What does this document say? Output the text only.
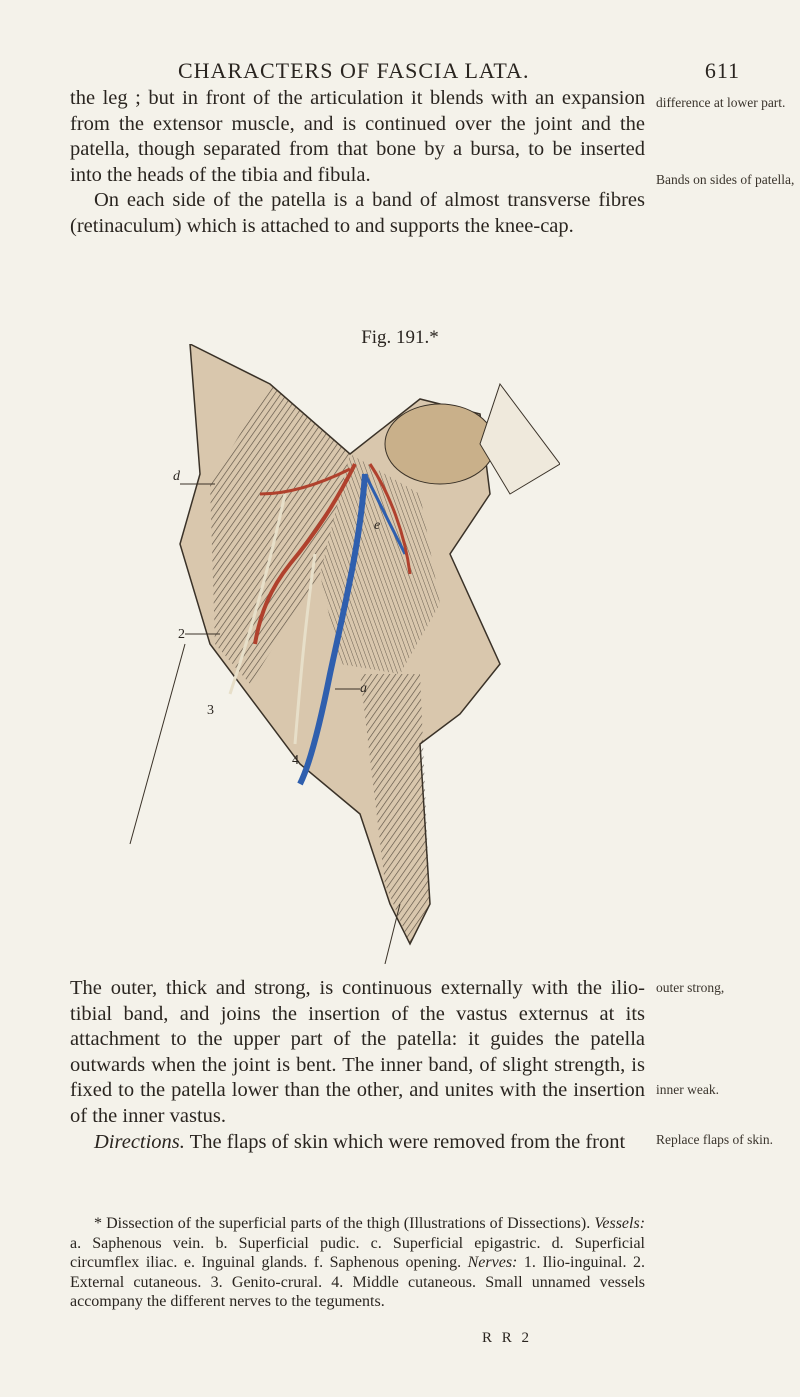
CHARACTERS OF FASCIA LATA.	611

the leg ; but in front of the articulation it blends with an expansion from the extensor muscle, and is continued over the joint and the patella, though separated from that bone by a bursa, to be inserted into the heads of the tibia and fibula.

On each side of the patella is a band of almost transverse fibres (retinaculum) which is attached to and supports the knee-cap.

difference at lower part.
Bands on sides of patella,
Fig. 191.*
d
e
2
3
4
a

The outer, thick and strong, is continuous externally with the ilio-tibial band, and joins the insertion of the vastus externus at its attachment to the upper part of the patella: it guides the patella outwards when the joint is bent. The inner band, of slight strength, is fixed to the patella lower than the other, and unites with the insertion of the inner vastus.

Directions. The flaps of skin which were removed from the front

outer strong,
inner weak.
Replace flaps of skin.

* Dissection of the superficial parts of the thigh (Illustrations of Dissections). Vessels: a. Saphenous vein. b. Superficial pudic. c. Superficial epigastric. d. Superficial circumflex iliac. e. Inguinal glands. f. Saphenous opening. Nerves: 1. Ilio-inguinal. 2. External cutaneous. 3. Genito-crural. 4. Middle cutaneous. Small unnamed vessels accompany the different nerves to the teguments.

R R 2
